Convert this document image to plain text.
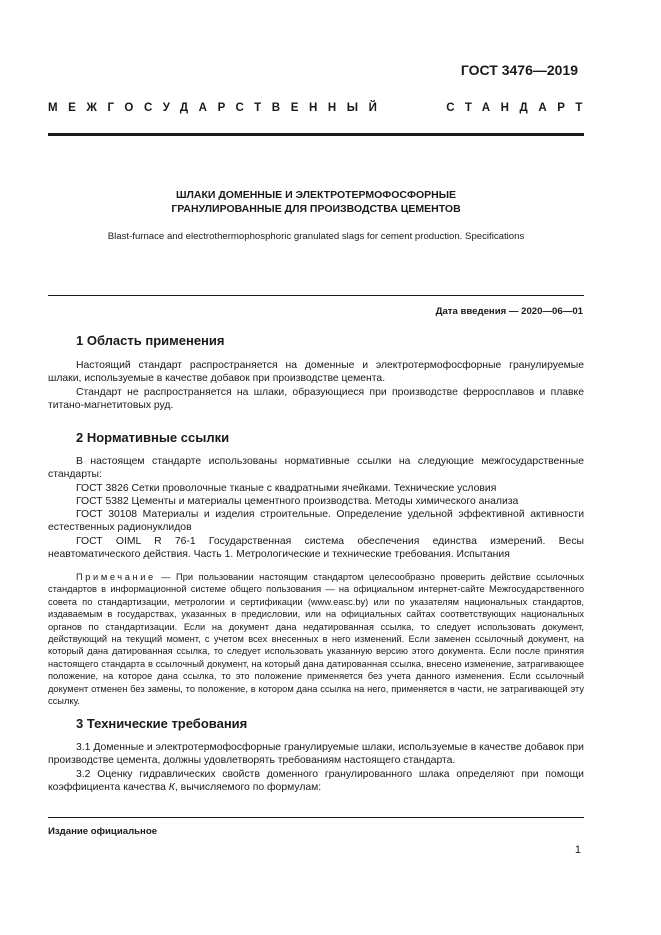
ГОСТ 3476—2019
МЕЖГОСУДАРСТВЕННЫЙ	СТАНДАРТ
ШЛАКИ ДОМЕННЫЕ И ЭЛЕКТРОТЕРМОФОСФОРНЫЕ
ГРАНУЛИРОВАННЫЕ ДЛЯ ПРОИЗВОДСТВА ЦЕМЕНТОВ
Blast-furnace and electrothermophosphoric granulated slags for cement production. Specifications
Дата введения — 2020—06—01
1 Область применения
Настоящий стандарт распространяется на доменные и электротермофосфорные гранулируемые шлаки, используемые в качестве добавок при производстве цемента.
Стандарт не распространяется на шлаки, образующиеся при производстве ферросплавов и плавке титано-магнетитовых руд.
2 Нормативные ссылки
В настоящем стандарте использованы нормативные ссылки на следующие межгосударственные стандарты:
ГОСТ 3826 Сетки проволочные тканые с квадратными ячейками. Технические условия
ГОСТ 5382 Цементы и материалы цементного производства. Методы химического анализа
ГОСТ 30108 Материалы и изделия строительные. Определение удельной эффективной активности естественных радионуклидов
ГОСТ OIML R 76-1 Государственная система обеспечения единства измерений. Весы неавтоматического действия. Часть 1. Метрологические и технические требования. Испытания
Примечание — При пользовании настоящим стандартом целесообразно проверить действие ссылочных стандартов в информационной системе общего пользования — на официальном интернет-сайте Межгосударственного совета по стандартизации, метрологии и сертификации (www.easc.by) или по указателям национальных стандартов, издаваемым в государствах, указанных в предисловии, или на официальных сайтах соответствующих национальных органов по стандартизации. Если на документ дана недатированная ссылка, то следует использовать документ, действующий на текущий момент, с учетом всех внесенных в него изменений. Если заменен ссылочный документ, на который дана датированная ссылка, то следует использовать указанную версию этого документа. Если после принятия настоящего стандарта в ссылочный документ, на который дана датированная ссылка, внесено изменение, затрагивающее положение, на которое дана ссылка, то это положение применяется без учета данного изменения. Если ссылочный документ отменен без замены, то положение, в котором дана ссылка на него, применяется в части, не затрагивающей эту ссылку.
3 Технические требования
3.1 Доменные и электротермофосфорные гранулируемые шлаки, используемые в качестве добавок при производстве цемента, должны удовлетворять требованиям настоящего стандарта.
3.2 Оценку гидравлических свойств доменного гранулированного шлака определяют при помощи коэффициента качества К, вычисляемого по формулам:
Издание официальное
1
